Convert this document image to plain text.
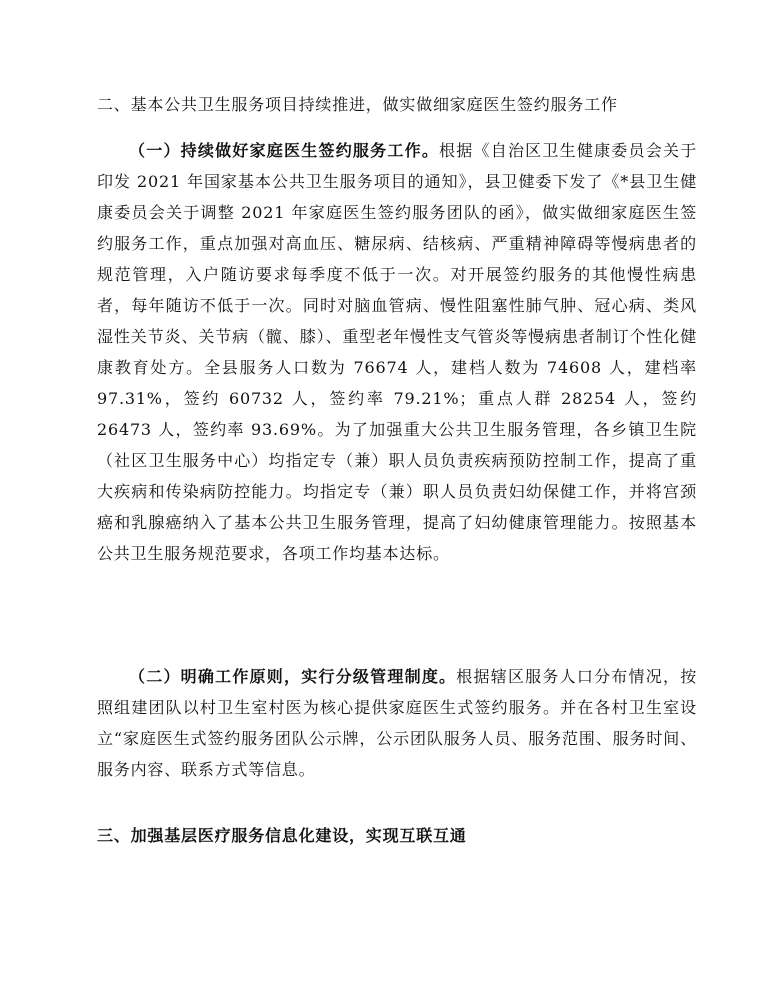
二、基本公共卫生服务项目持续推进，做实做细家庭医生签约服务工作
（一）持续做好家庭医生签约服务工作。根据《自治区卫生健康委员会关于印发 2021 年国家基本公共卫生服务项目的通知》，县卫健委下发了《*县卫生健康委员会关于调整 2021 年家庭医生签约服务团队的函》，做实做细家庭医生签约服务工作，重点加强对高血压、糖尿病、结核病、严重精神障碍等慢病患者的规范管理，入户随访要求每季度不低于一次。对开展签约服务的其他慢性病患者，每年随访不低于一次。同时对脑血管病、慢性阻塞性肺气肿、冠心病、类风湿性关节炎、关节病（髋、膝）、重型老年慢性支气管炎等慢病患者制订个性化健康教育处方。全县服务人口数为 76674 人，建档人数为 74608 人，建档率 97.31%，签约 60732 人，签约率 79.21%；重点人群 28254 人，签约 26473 人，签约率 93.69%。为了加强重大公共卫生服务管理，各乡镇卫生院（社区卫生服务中心）均指定专（兼）职人员负责疾病预防控制工作，提高了重大疾病和传染病防控能力。均指定专（兼）职人员负责妇幼保健工作，并将宫颈癌和乳腺癌纳入了基本公共卫生服务管理，提高了妇幼健康管理能力。按照基本公共卫生服务规范要求，各项工作均基本达标。
（二）明确工作原则，实行分级管理制度。根据辖区服务人口分布情况，按照组建团队以村卫生室村医为核心提供家庭医生式签约服务。并在各村卫生室设立“家庭医生式签约服务团队公示牌，公示团队服务人员、服务范围、服务时间、服务内容、联系方式等信息。
三、加强基层医疗服务信息化建设，实现互联互通
